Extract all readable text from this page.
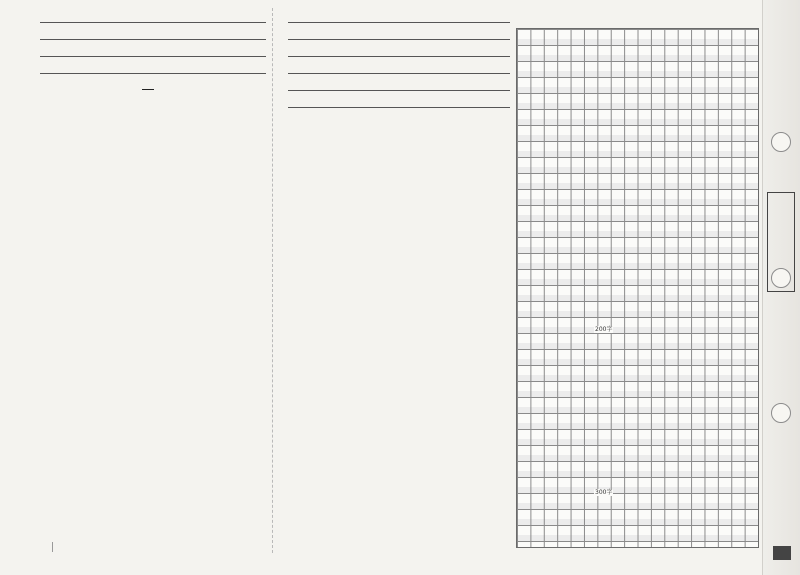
200字
300字
